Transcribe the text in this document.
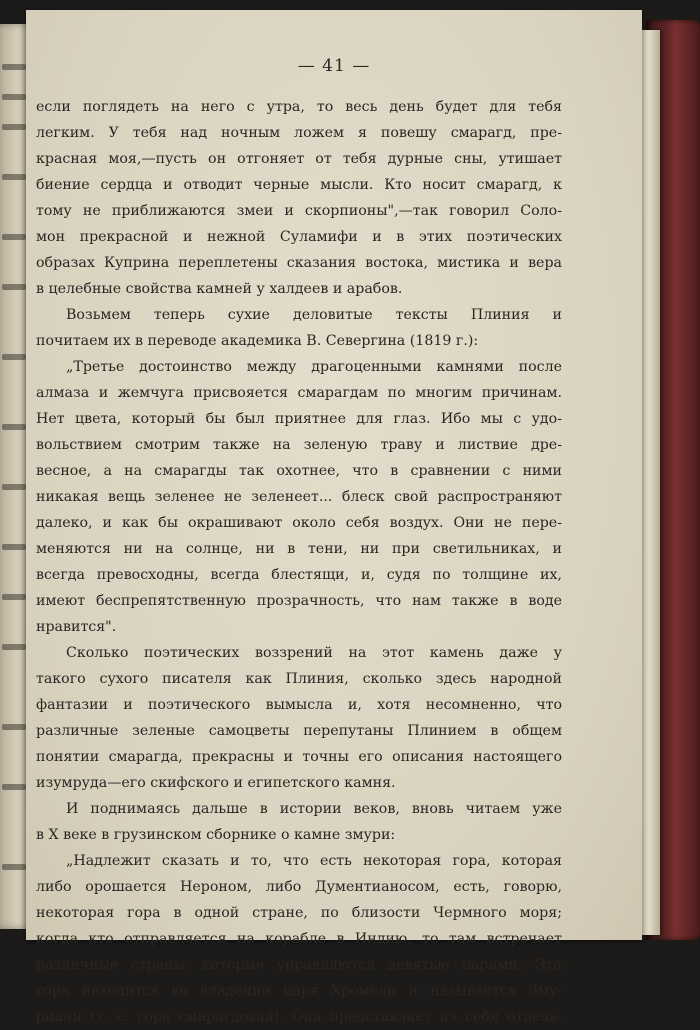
— 41 —
если поглядеть на него с утра, то весь день будет для тебя
легким. У тебя над ночным ложем я повешу смарагд, пре-
красная моя,—пусть он отгоняет от тебя дурные сны, утишает
биение сердца и отводит черные мысли. Кто носит смарагд, к
тому не приближаются змеи и скорпионы",—так говорил Соло-
мон прекрасной и нежной Суламифи и в этих поэтических
образах Куприна переплетены сказания востока, мистика и вера
в целебные свойства камней у халдеев и арабов.
Возьмем теперь сухие деловитые тексты Плиния и
почитаем их в переводе академика В. Севергина (1819 г.):
„Третье достоинство между драгоценными камнями после
алмаза и жемчуга присвояется смарагдам по многим причинам.
Нет цвета, который бы был приятнее для глаз. Ибо мы с удо-
вольствием смотрим также на зеленую траву и листвие дре-
весное, а на смарагды так охотнее, что в сравнении с ними
никакая вещь зеленее не зеленеет... блеск свой распространяют
далеко, и как бы окрашивают около себя воздух. Они не пере-
меняются ни на солнце, ни в тени, ни при светильниках, и
всегда превосходны, всегда блестящи, и, судя по толщине их,
имеют беспрепятственную прозрачность, что нам также в воде
нравится".
Сколько поэтических воззрений на этот камень даже у
такого сухого писателя как Плиния, сколько здесь народной
фантазии и поэтического вымысла и, хотя несомненно, что
различные зеленые самоцветы перепутаны Плинием в общем
понятии смарагда, прекрасны и точны его описания настоящего
изумруда—его скифского и египетского камня.
И поднимаясь дальше в истории веков, вновь читаем уже
в X веке в грузинском сборнике о камне змури:
„Надлежит сказать и то, что есть некоторая гора, которая
либо орошается Нероном, либо Дументианосом, есть, говорю,
некоторая гора в одной стране, по близости Чермного моря;
когда кто отправляется на корабле в Индию, то там встречает
различные страны, которые управляются девятью царями. Эта
гора находится во владении царя Хромели и называется Зму-
риани (т. е. гора смарагдовая). Она представляет из себя отдель-
